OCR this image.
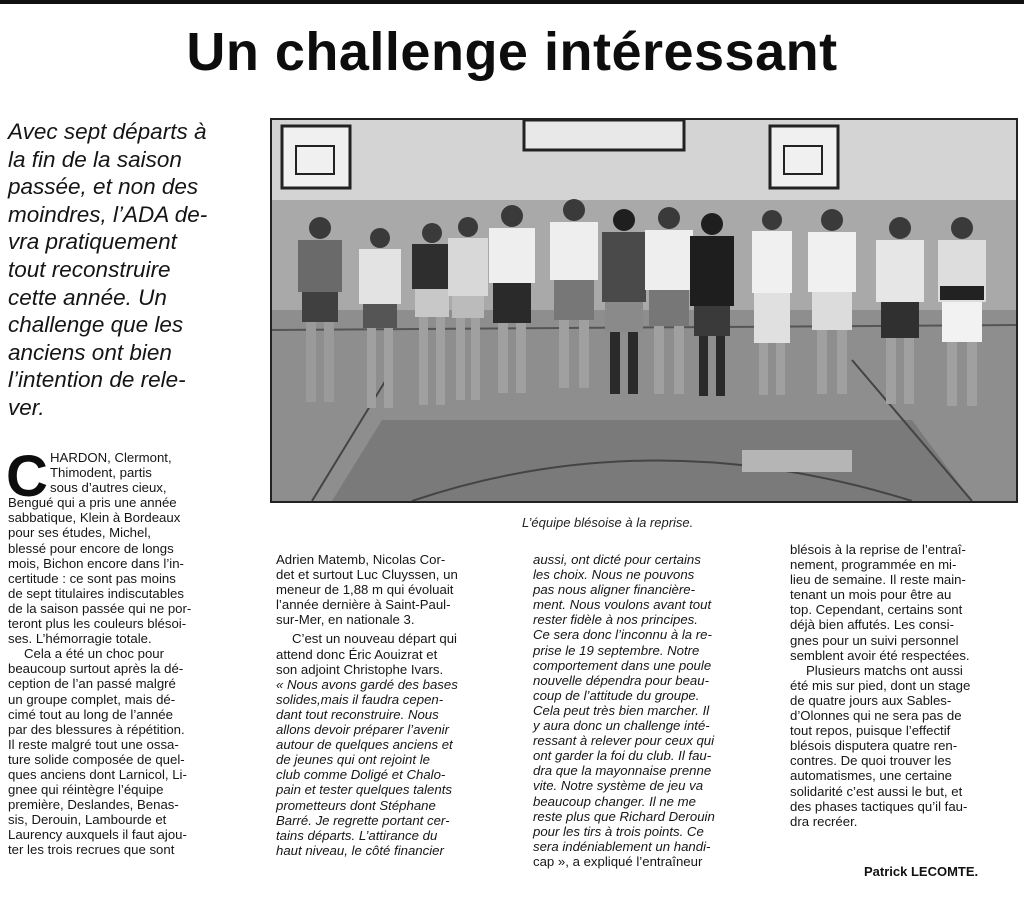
Un challenge intéressant

Avec sept départs à

la fin de la saison

passée, et non des

moindres, l’ADA de-

vra pratiquement

tout reconstruire

cette année. Un

challenge que les

anciens ont bien

l’intention de rele-

ver.

L’équipe blésoise à la reprise.

C HARDON, Clermont,

Thimodent, partis

sous d’autres cieux,

Bengué qui a pris une année

sabbatique, Klein à Bordeaux

pour ses études, Michel,

blessé pour encore de longs

mois, Bichon encore dans l’in-

certitude : ce sont pas moins

de sept titulaires indiscutables

de la saison passée qui ne por-

teront plus les couleurs blésoi-

ses. L’hémorragie totale.

Cela a été un choc pour

beaucoup surtout après la dé-

ception de l’an passé malgré

un groupe complet, mais dé-

cimé tout au long de l’année

par des blessures à répétition.

Il reste malgré tout une ossa-

ture solide composée de quel-

ques anciens dont Larnicol, Li-

gnee qui réintègre l’équipe

première, Deslandes, Benas-

sis, Derouin, Lambourde et

Laurency auxquels il faut ajou-

ter les trois recrues que sont

Adrien Matemb, Nicolas Cor-

det et surtout Luc Cluyssen, un

meneur de 1,88 m qui évoluait

l’année dernière à Saint-Paul-

sur-Mer, en nationale 3.

C’est un nouveau départ qui

attend donc Éric Aouizrat et

son adjoint Christophe Ivars.

« Nous avons gardé des bases

solides,mais il faudra cepen-

dant tout reconstruire. Nous

allons devoir préparer l’avenir

autour de quelques anciens et

de jeunes qui ont rejoint le

club comme Doligé et Chalo-

pain et tester quelques talents

prometteurs dont Stéphane

Barré. Je regrette portant cer-

tains départs. L’attirance du

haut niveau, le côté financier

aussi, ont dicté pour certains

les choix. Nous ne pouvons

pas nous aligner financière-

ment. Nous voulons avant tout

rester fidèle à nos principes.

Ce sera donc l’inconnu à la re-

prise le 19 septembre. Notre

comportement dans une poule

nouvelle dépendra pour beau-

coup de l’attitude du groupe.

Cela peut très bien marcher. Il

y aura donc un challenge inté-

ressant à relever pour ceux qui

ont garder la foi du club. Il fau-

dra que la mayonnaise prenne

vite. Notre système de jeu va

beaucoup changer. Il ne me

reste plus que Richard Derouin

pour les tirs à trois points. Ce

sera indéniablement un handi-

cap », a expliqué l’entraîneur

blésois à la reprise de l’entraî-

nement, programmée en mi-

lieu de semaine. Il reste main-

tenant un mois pour être au

top. Cependant, certains sont

déjà bien affutés. Les consi-

gnes pour un suivi personnel

semblent avoir été respectées.

Plusieurs matchs ont aussi

été mis sur pied, dont un stage

de quatre jours aux Sables-

d’Olonnes qui ne sera pas de

tout repos, puisque l’effectif

blésois disputera quatre ren-

contres. De quoi trouver les

automatismes, une certaine

solidarité c’est aussi le but, et

des phases tactiques qu’il fau-

dra recréer.

Patrick LECOMTE.
